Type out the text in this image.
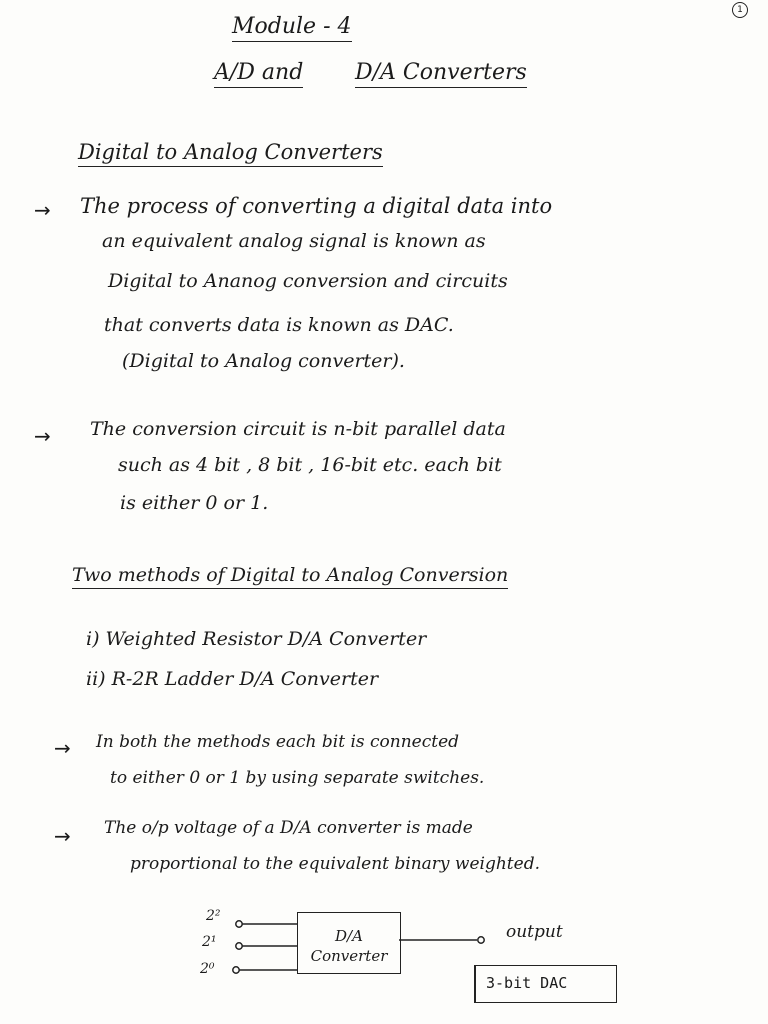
1
Module - 4
A/D and D/A Converters
Digital to Analog Converters
→ The process of converting a digital data into
an equivalent analog signal is known as
Digital to Ananog conversion and circuits
that converts data is known as DAC.
(Digital to Analog converter).
→ The conversion circuit is n-bit parallel data
such as 4 bit , 8 bit , 16-bit etc. each bit
is either 0 or 1.
Two methods of Digital to Analog Conversion
i) Weighted Resistor D/A Converter
ii) R-2R Ladder D/A Converter
→ In both the methods each bit is connected
to either 0 or 1 by using separate switches.
→ The o/p voltage of a D/A converter is made
proportional to the equivalent binary weighted.
2²
2¹
2⁰
D/A
Converter
output
3-bit DAC
